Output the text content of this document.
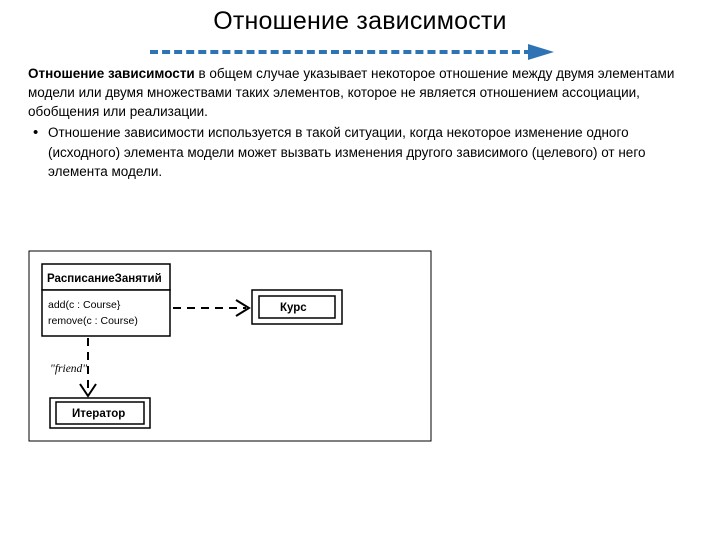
Отношение зависимости

Отношение зависимости в общем случае указывает некоторое отношение между двумя элементами модели или двумя множествами таких элементов, которое не является отношением ассоциации, обобщения или реализации.

• Отношение зависимости используется в такой ситуации, когда некоторое изменение одного (исходного) элемента модели может вызвать изменения другого зависимого (целевого) от него элемента модели.
РасписаниеЗанятий
add(c : Course}
remove(c : Course)
Курс
"friend"
Итератор
